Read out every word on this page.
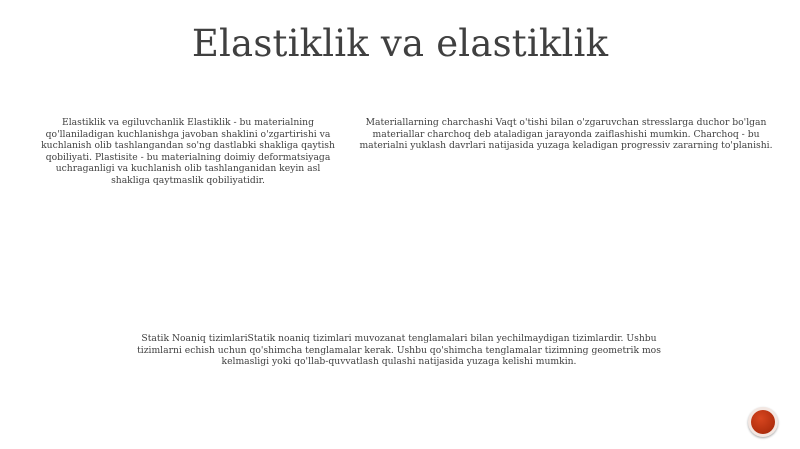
Elastiklik va elastiklik
Elastiklik va egiluvchanlik Elastiklik - bu materialning qo'llaniladigan kuchlanishga javoban shaklini o'zgartirishi va kuchlanish olib tashlangandan so'ng dastlabki shakliga qaytish qobiliyati. Plastisite - bu materialning doimiy deformatsiyaga uchraganligi va kuchlanish olib tashlanganidan keyin asl shakliga qaytmaslik qobiliyatidir.
Materiallarning charchashi Vaqt o'tishi bilan o'zgaruvchan stresslarga duchor bo'lgan materiallar charchoq deb ataladigan jarayonda zaiflashishi mumkin. Charchoq - bu materialni yuklash davrlari natijasida yuzaga keladigan progressiv zararning to'planishi.
Statik Noaniq tizimlariStatik noaniq tizimlari muvozanat tenglamalari bilan yechilmaydigan tizimlardir. Ushbu tizimlarni echish uchun qo'shimcha tenglamalar kerak. Ushbu qo'shimcha tenglamalar tizimning geometrik mos kelmasligi yoki qo'llab-quvvatlash qulashi natijasida yuzaga kelishi mumkin.
